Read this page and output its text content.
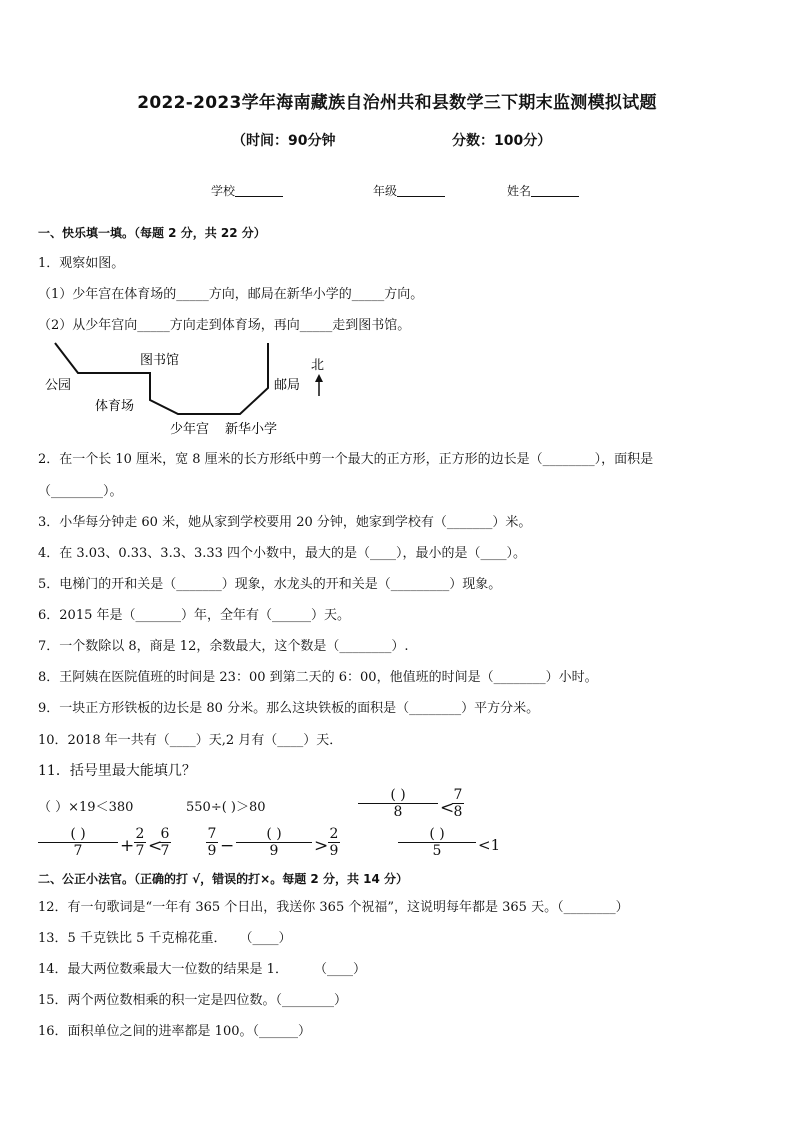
2022-2023学年海南藏族自治州共和县数学三下期末监测模拟试题
（时间：90分钟	分数：100分）
学校	年级	姓名
一、快乐填一填。（每题 2 分，共 22 分）
1．观察如图。
（1）少年宫在体育场的_____方向，邮局在新华小学的_____方向。
（2）从少年宫向_____方向走到体育场，再向_____走到图书馆。
公园
图书馆
体育场
少年宫 新华小学
邮局
北
2．在一个长 10 厘米，宽 8 厘米的长方形纸中剪一个最大的正方形，正方形的边长是（________），面积是
（________）。
3．小华每分钟走 60 米，她从家到学校要用 20 分钟，她家到学校有（_______）米。
4．在 3.03、0.33、3.3、3.33 四个小数中，最大的是（____），最小的是（____）。
5．电梯门的开和关是（_______）现象，水龙头的开和关是（_________）现象。
6．2015 年是（_______）年，全年有（______）天。
7．一个数除以 8，商是 12，余数最大，这个数是（________）.
8．王阿姨在医院值班的时间是 23：00 到第二天的 6：00，他值班的时间是（________）小时。
9．一块正方形铁板的边长是 80 分米。那么这块铁板的面积是（________）平方分米。
10．2018 年一共有（____）天,2 月有（____）天．
11．括号里最大能填几？
（ ）×19＜380	550÷( )＞80
( )
8 <
7
8
( )
7 +
2
7 <
6
7
7
9 −
( )
9 >
2
9
( )
5 <1
二、公正小法官。（正确的打 √，错误的打×。每题 2 分，共 14 分）
12．有一句歌词是“一年有 365 个日出，我送你 365 个祝福”，这说明每年都是 365 天。（________）
13．5 千克铁比 5 千克棉花重．　　（____）
14．最大两位数乘最大一位数的结果是 1．　　　（____）
15．两个两位数相乘的积一定是四位数。（________）
16．面积单位之间的进率都是 100。（______）
